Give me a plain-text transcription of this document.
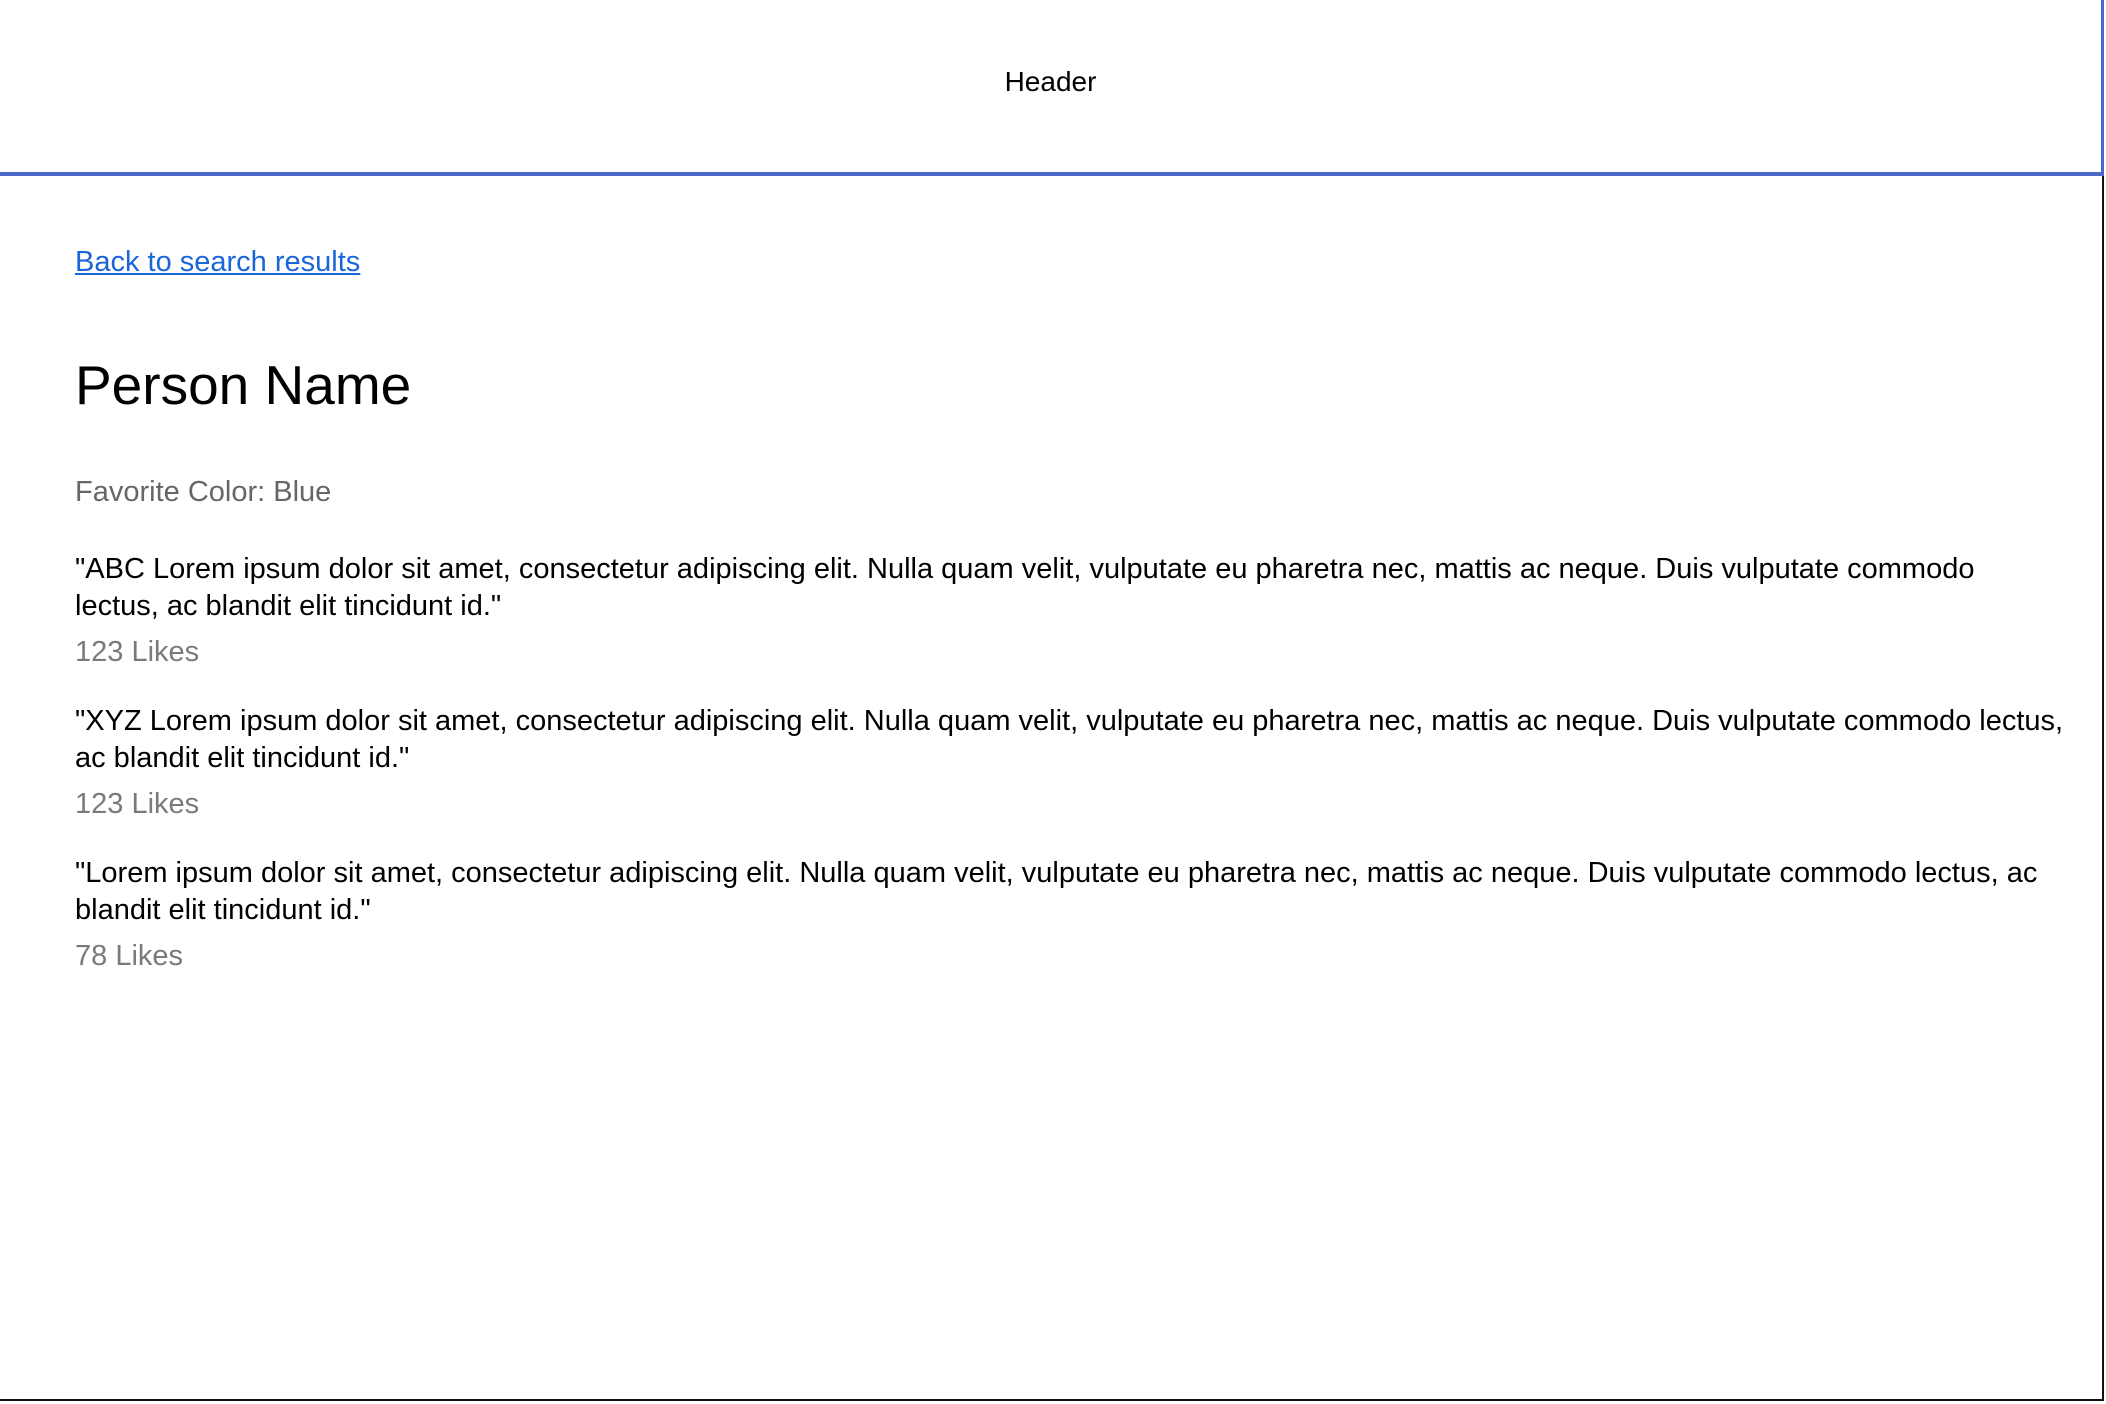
Header
Back to search results
Person Name
Favorite Color: Blue
"ABC Lorem ipsum dolor sit amet, consectetur adipiscing elit. Nulla quam velit, vulputate eu pharetra nec, mattis ac neque. Duis vulputate commodo lectus, ac blandit elit tincidunt id."
123 Likes
"XYZ Lorem ipsum dolor sit amet, consectetur adipiscing elit. Nulla quam velit, vulputate eu pharetra nec, mattis ac neque. Duis vulputate commodo lectus, ac blandit elit tincidunt id."
123 Likes
"Lorem ipsum dolor sit amet, consectetur adipiscing elit. Nulla quam velit, vulputate eu pharetra nec, mattis ac neque. Duis vulputate commodo lectus, ac blandit elit tincidunt id."
78 Likes
